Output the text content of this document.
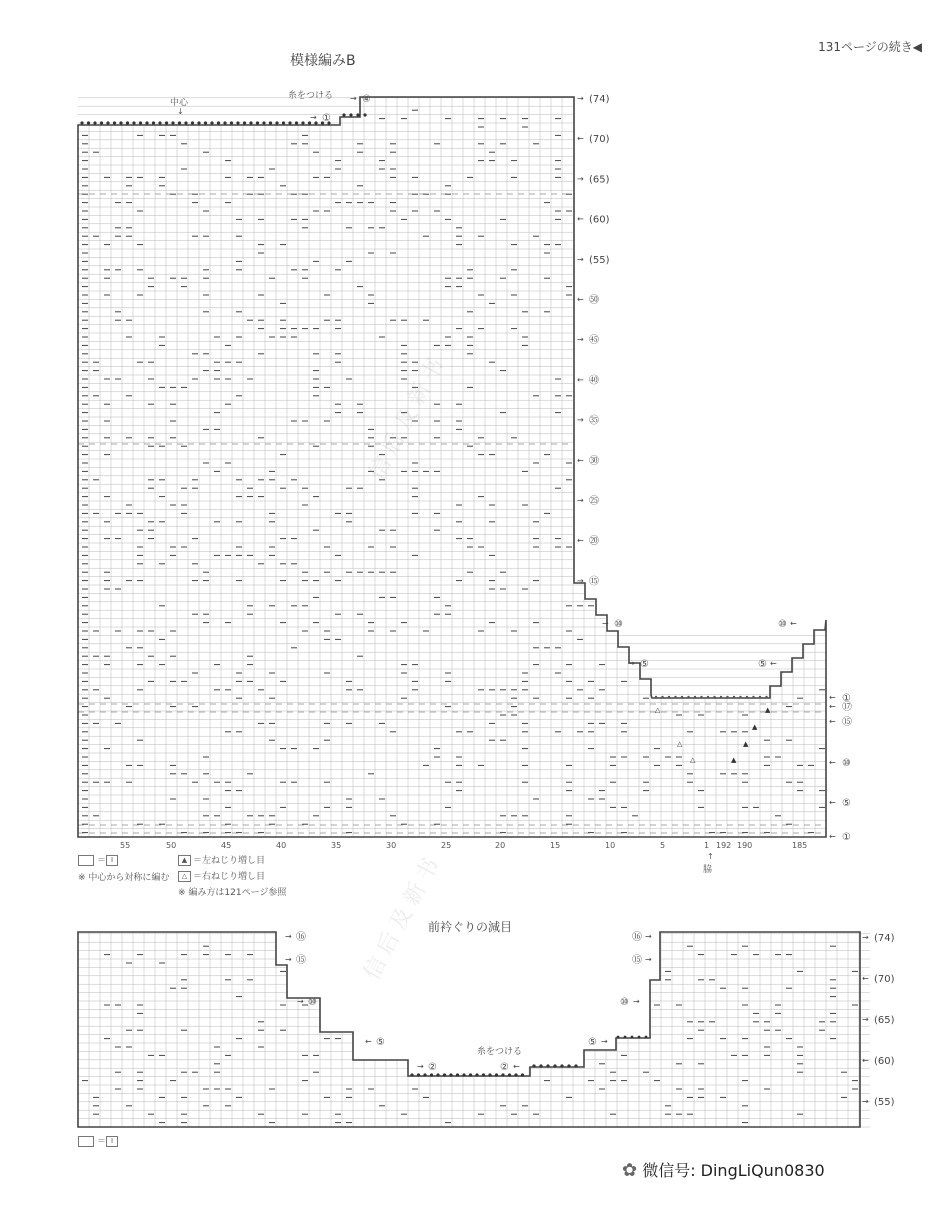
131ページの続き◀
模様編みB
中心
↓
糸をつける	→ (74)
← (70)
→ (65)
← (60)
→ (55)
← ㊿
→ ㊺
← ㊵
→ ㉟
← ㉚
→ ㉕
← ⑳
→ ⑮
← ①
← ⑰
← ⑮
← ⑩
← ⑤
← ①
→ ⑩
→ ⑤
←
⑩
←
⑤
→ ①
→ ④
△
△
△	▲
▲
▲
▲
55	50	45	40	35	30	25	20	15	10	5	1 192 190	185
↑
脇
＝ I	▲ ＝左ねじり増し目
※ 中心から対称に編む	△ ＝右ねじり増し目
※ 編み方は121ページ参照
前衿ぐりの減目
糸をつける
→ ⑯
→ ⑮
→ ⑩
← ⑤
→ ②
⑯ →
⑮ →
⑩ →
⑤ →
② ←
→ (74)
← (70)
→ (65)
← (60)
→ (55)
＝ I
信后及新书
信后及新书
✿ 微信号: DingLiQun0830
